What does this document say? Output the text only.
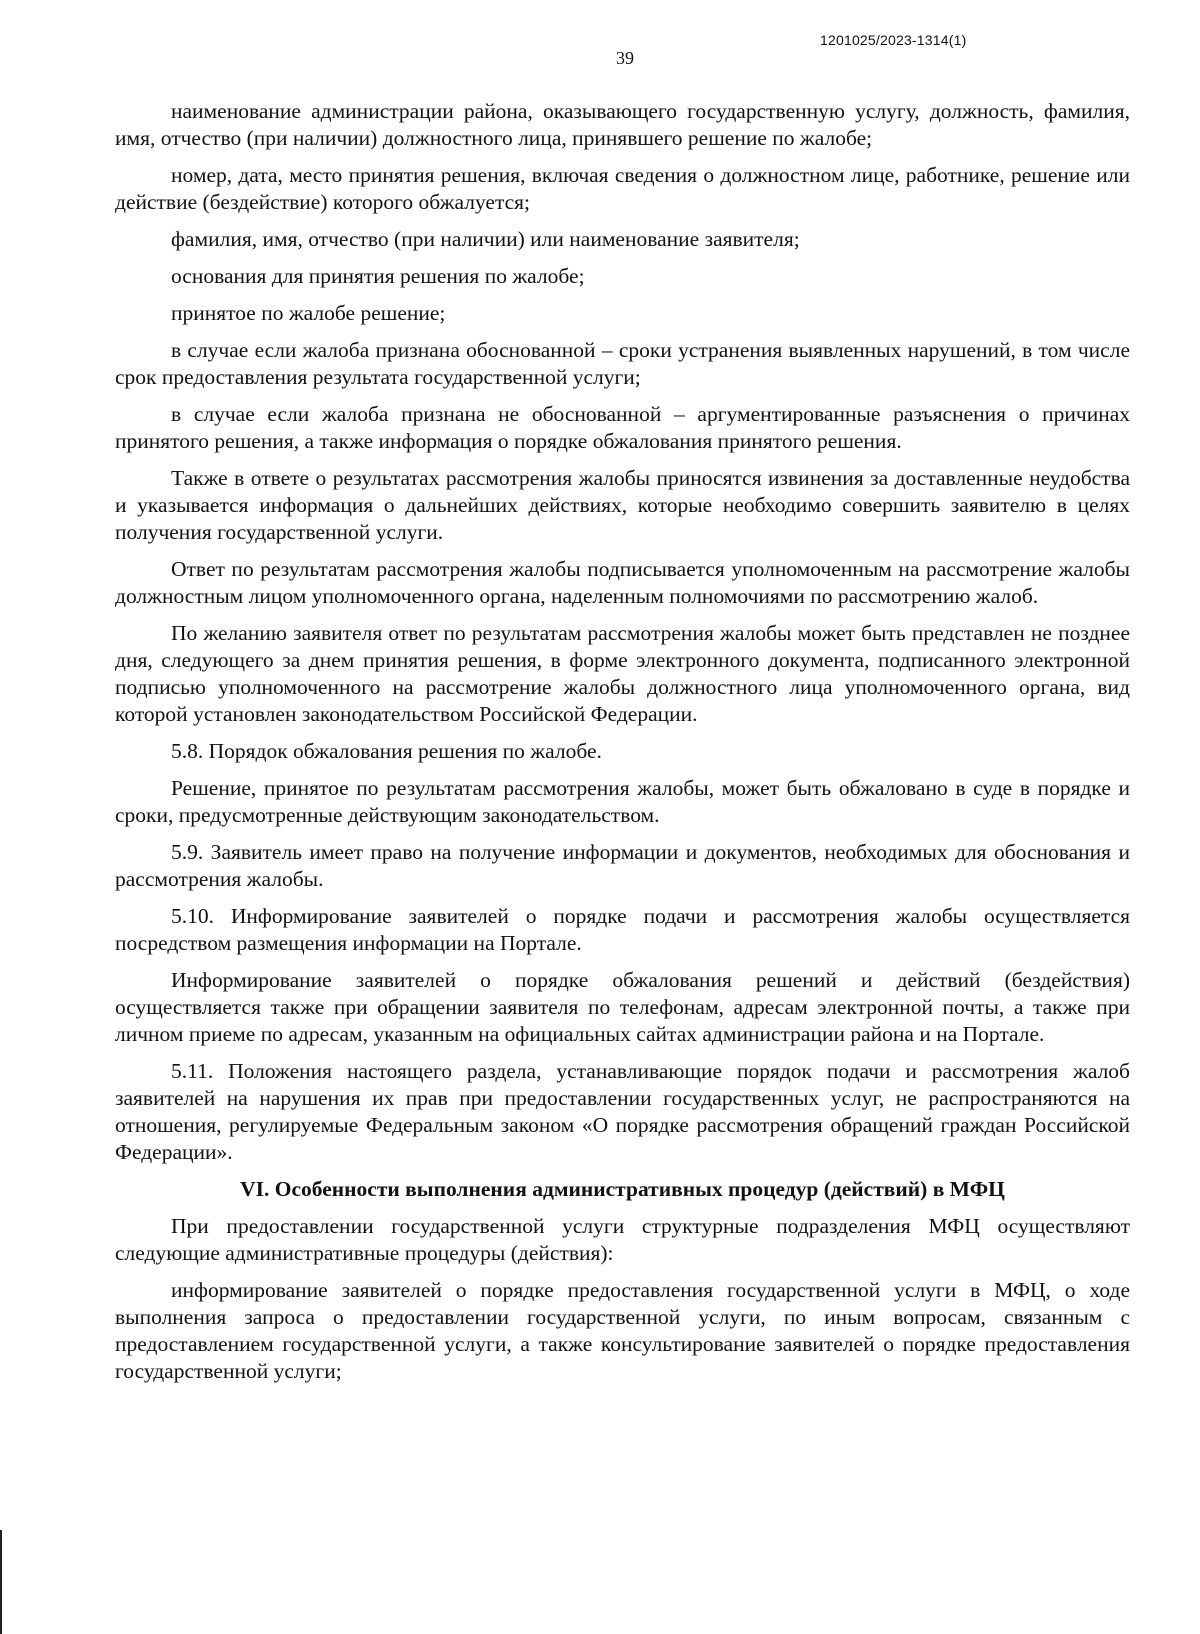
1201025/2023-1314(1)
39

наименование администрации района, оказывающего государственную услугу, должность, фамилия, имя, отчество (при наличии) должностного лица, принявшего решение по жалобе;

номер, дата, место принятия решения, включая сведения о должностном лице, работнике, решение или действие (бездействие) которого обжалуется;

фамилия, имя, отчество (при наличии) или наименование заявителя;

основания для принятия решения по жалобе;

принятое по жалобе решение;

в случае если жалоба признана обоснованной – сроки устранения выявленных нарушений, в том числе срок предоставления результата государственной услуги;

в случае если жалоба признана не обоснованной – аргументированные разъяснения о причинах принятого решения, а также информация о порядке обжалования принятого решения.

Также в ответе о результатах рассмотрения жалобы приносятся извинения за доставленные неудобства и указывается информация о дальнейших действиях, которые необходимо совершить заявителю в целях получения государственной услуги.

Ответ по результатам рассмотрения жалобы подписывается уполномоченным на рассмотрение жалобы должностным лицом уполномоченного органа, наделенным полномочиями по рассмотрению жалоб.

По желанию заявителя ответ по результатам рассмотрения жалобы может быть представлен не позднее дня, следующего за днем принятия решения, в форме электронного документа, подписанного электронной подписью уполномоченного на рассмотрение жалобы должностного лица уполномоченного органа, вид которой установлен законодательством Российской Федерации.

5.8. Порядок обжалования решения по жалобе.

Решение, принятое по результатам рассмотрения жалобы, может быть обжаловано в суде в порядке и сроки, предусмотренные действующим законодательством.

5.9. Заявитель имеет право на получение информации и документов, необходимых для обоснования и рассмотрения жалобы.

5.10. Информирование заявителей о порядке подачи и рассмотрения жалобы осуществляется посредством размещения информации на Портале.

Информирование заявителей о порядке обжалования решений и действий (бездействия) осуществляется также при обращении заявителя по телефонам, адресам электронной почты, а также при личном приеме по адресам, указанным на официальных сайтах администрации района и на Портале.

5.11. Положения настоящего раздела, устанавливающие порядок подачи и рассмотрения жалоб заявителей на нарушения их прав при предоставлении государственных услуг, не распространяются на отношения, регулируемые Федеральным законом «О порядке рассмотрения обращений граждан Российской Федерации».

VI. Особенности выполнения административных процедур (действий) в МФЦ

При предоставлении государственной услуги структурные подразделения МФЦ осуществляют следующие административные процедуры (действия):

информирование заявителей о порядке предоставления государственной услуги в МФЦ, о ходе выполнения запроса о предоставлении государственной услуги, по иным вопросам, связанным с предоставлением государственной услуги, а также консультирование заявителей о порядке предоставления государственной услуги;
